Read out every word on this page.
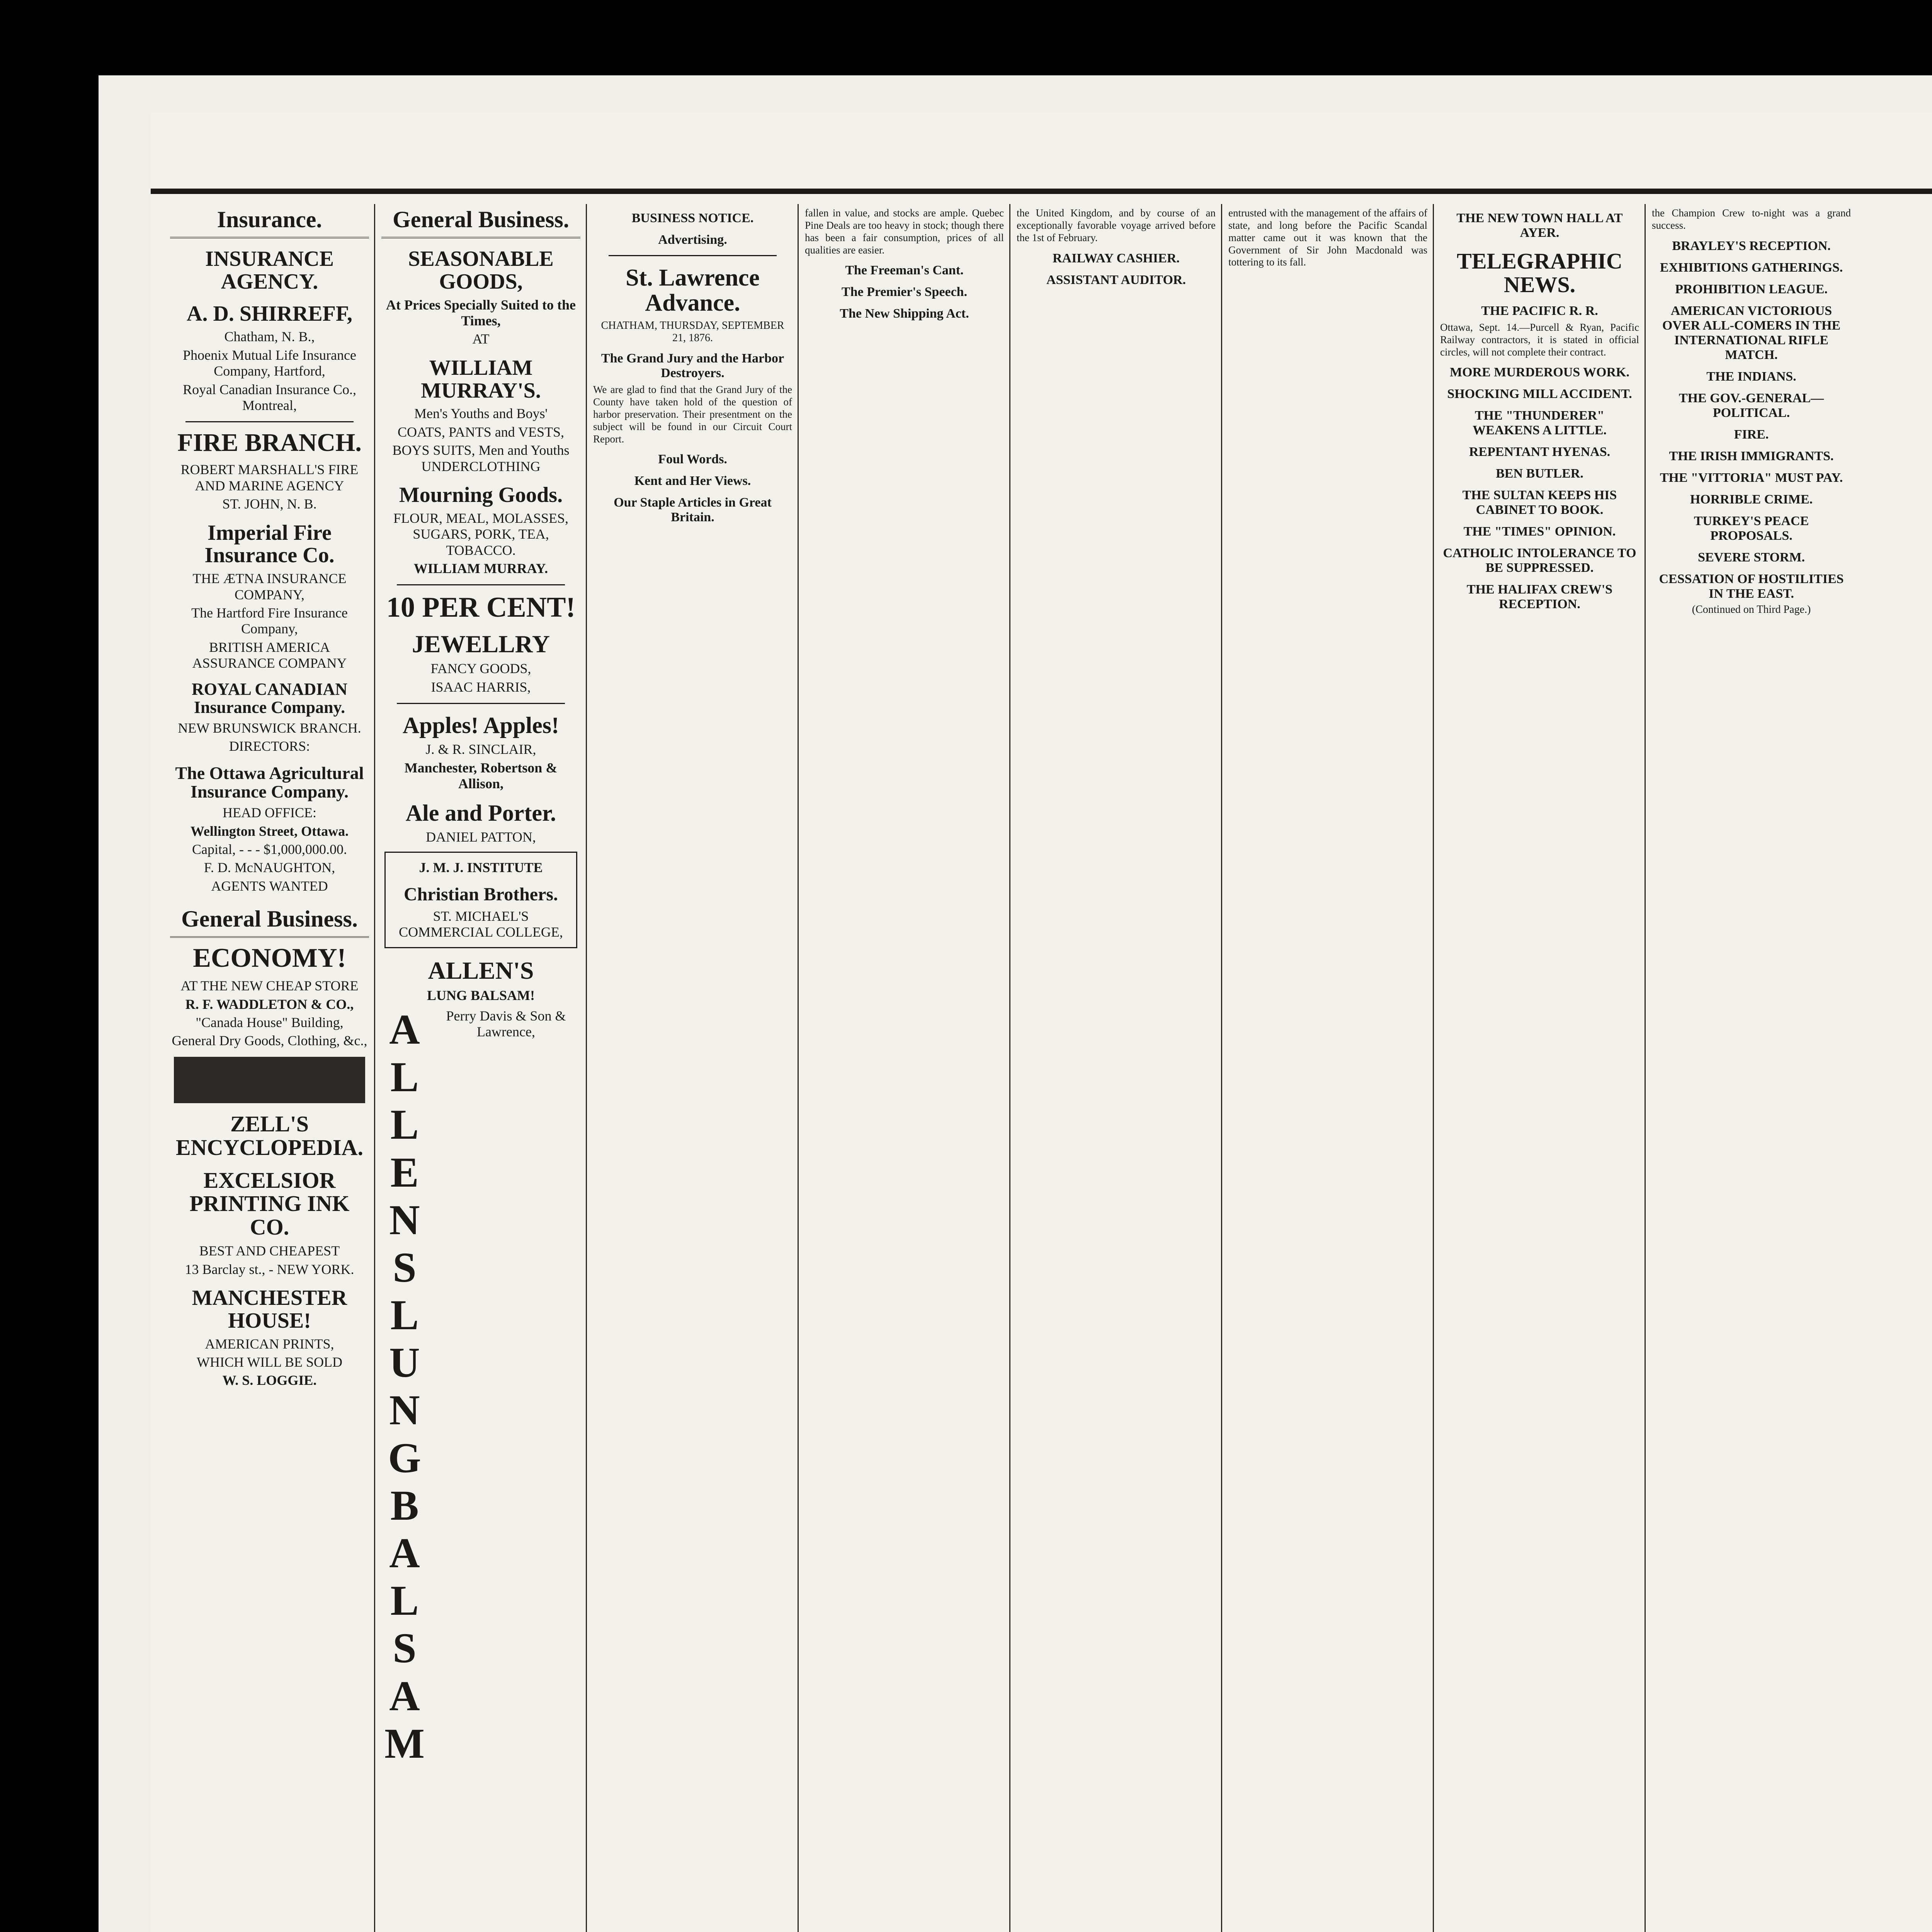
Insurance.
INSURANCE AGENCY.
A. D. SHIRREFF,
Chatham, N. B.,
Phoenix Mutual Life Insurance Company, Hartford,
Royal Canadian Insurance Co., Montreal,
FIRE BRANCH.
ROBERT MARSHALL'S FIRE AND MARINE AGENCY
ST. JOHN, N. B.
Imperial Fire Insurance Co.
THE ÆTNA INSURANCE COMPANY,
The Hartford Fire Insurance Company,
BRITISH AMERICA ASSURANCE COMPANY
ROYAL CANADIAN Insurance Company.
NEW BRUNSWICK BRANCH.
DIRECTORS:
The Ottawa Agricultural Insurance Company.
HEAD OFFICE:
Wellington Street, Ottawa.
Capital, - - - $1,000,000.00.
F. D. McNAUGHTON,
AGENTS WANTED
General Business.
ECONOMY!
AT THE NEW CHEAP STORE
R. F. WADDLETON & CO.,
"Canada House" Building,
General Dry Goods, Clothing, &c.,
ZELL'S ENCYCLOPEDIA.
EXCELSIOR PRINTING INK CO.
BEST AND CHEAPEST
13 Barclay st., - NEW YORK.
MANCHESTER HOUSE!
AMERICAN PRINTS,
WHICH WILL BE SOLD
W. S. LOGGIE.
General Business.
SEASONABLE GOODS,
At Prices Specially Suited to the Times,
AT
WILLIAM MURRAY'S.
Men's Youths and Boys'
COATS, PANTS and VESTS,
BOYS SUITS, Men and Youths UNDERCLOTHING
Mourning Goods.
FLOUR, MEAL, MOLASSES, SUGARS, PORK, TEA, TOBACCO.
WILLIAM MURRAY.
10 PER CENT!
JEWELLRY
FANCY GOODS,
ISAAC HARRIS,
Apples! Apples!
J. & R. SINCLAIR,
Manchester, Robertson & Allison,
Ale and Porter.
DANIEL PATTON,
J. M. J. INSTITUTE
Christian Brothers.
ST. MICHAEL'S COMMERCIAL COLLEGE,
ALLEN'S
LUNG BALSAM!
A
L
L
E
N
S
L
U
N
G
B
A
L
S
A
M
Perry Davis & Son & Lawrence,
BUSINESS NOTICE.
Advertising.
St. Lawrence Advance.
CHATHAM, THURSDAY, SEPTEMBER 21, 1876.
The Grand Jury and the Harbor Destroyers.
We are glad to find that the Grand Jury of the County have taken hold of the question of harbor preservation. Their presentment on the subject will be found in our Circuit Court Report.
Foul Words.
Kent and Her Views.
Our Staple Articles in Great Britain.
fallen in value, and stocks are ample. Quebec Pine Deals are too heavy in stock; though there has been a fair consumption, prices of all qualities are easier.
The Freeman's Cant.
The Premier's Speech.
The New Shipping Act.
the United Kingdom, and by course of an exceptionally favorable voyage arrived before the 1st of February.
RAILWAY CASHIER.
ASSISTANT AUDITOR.
entrusted with the management of the affairs of state, and long before the Pacific Scandal matter came out it was known that the Government of Sir John Macdonald was tottering to its fall.
THE NEW TOWN HALL AT AYER.
TELEGRAPHIC NEWS.
THE PACIFIC R. R.
Ottawa, Sept. 14.—Purcell & Ryan, Pacific Railway contractors, it is stated in official circles, will not complete their contract.
MORE MURDEROUS WORK.
SHOCKING MILL ACCIDENT.
THE "THUNDERER" WEAKENS A LITTLE.
REPENTANT HYENAS.
BEN BUTLER.
THE SULTAN KEEPS HIS CABINET TO BOOK.
THE "TIMES" OPINION.
CATHOLIC INTOLERANCE TO BE SUPPRESSED.
THE HALIFAX CREW'S RECEPTION.
the Champion Crew to-night was a grand success.
BRAYLEY'S RECEPTION.
EXHIBITIONS GATHERINGS.
PROHIBITION LEAGUE.
AMERICAN VICTORIOUS OVER ALL-COMERS IN THE INTERNATIONAL RIFLE MATCH.
THE INDIANS.
THE GOV.-GENERAL—POLITICAL.
FIRE.
THE IRISH IMMIGRANTS.
THE "VITTORIA" MUST PAY.
HORRIBLE CRIME.
TURKEY'S PEACE PROPOSALS.
SEVERE STORM.
CESSATION OF HOSTILITIES IN THE EAST.
(Continued on Third Page.)
